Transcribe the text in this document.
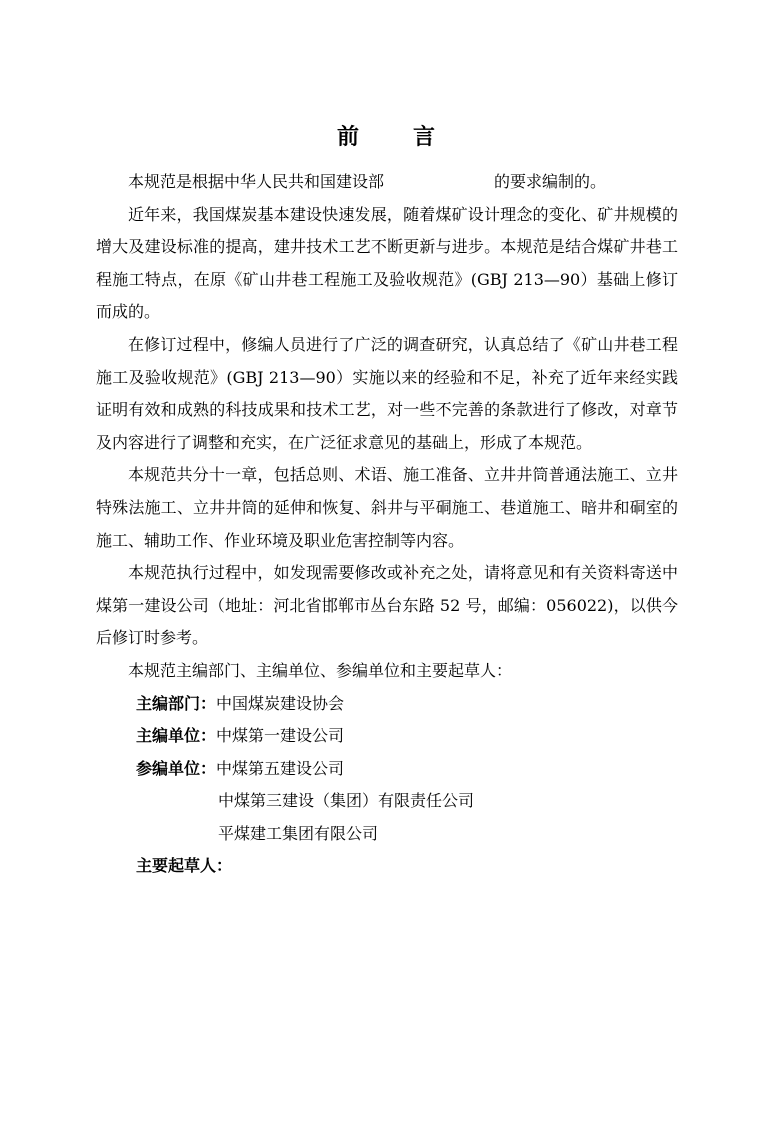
前 言

本规范是根据中华人民共和国建设部	的要求编制的。

近年来，我国煤炭基本建设快速发展，随着煤矿设计理念的变化、矿井规模的增大及建设标准的提高，建井技术工艺不断更新与进步。本规范是结合煤矿井巷工程施工特点，在原《矿山井巷工程施工及验收规范》(GBJ 213—90）基础上修订而成的。

在修订过程中，修编人员进行了广泛的调查研究，认真总结了《矿山井巷工程施工及验收规范》(GBJ 213—90）实施以来的经验和不足，补充了近年来经实践证明有效和成熟的科技成果和技术工艺，对一些不完善的条款进行了修改，对章节及内容进行了调整和充实，在广泛征求意见的基础上，形成了本规范。

本规范共分十一章，包括总则、术语、施工准备、立井井筒普通法施工、立井特殊法施工、立井井筒的延伸和恢复、斜井与平硐施工、巷道施工、暗井和硐室的施工、辅助工作、作业环境及职业危害控制等内容。

本规范执行过程中，如发现需要修改或补充之处，请将意见和有关资料寄送中煤第一建设公司（地址：河北省邯郸市丛台东路 52 号，邮编：056022)，以供今后修订时参考。

本规范主编部门、主编单位、参编单位和主要起草人：

主编部门：中国煤炭建设协会

主编单位：中煤第一建设公司

参编单位：中煤第五建设公司

中煤第三建设（集团）有限责任公司

平煤建工集团有限公司

主要起草人：
